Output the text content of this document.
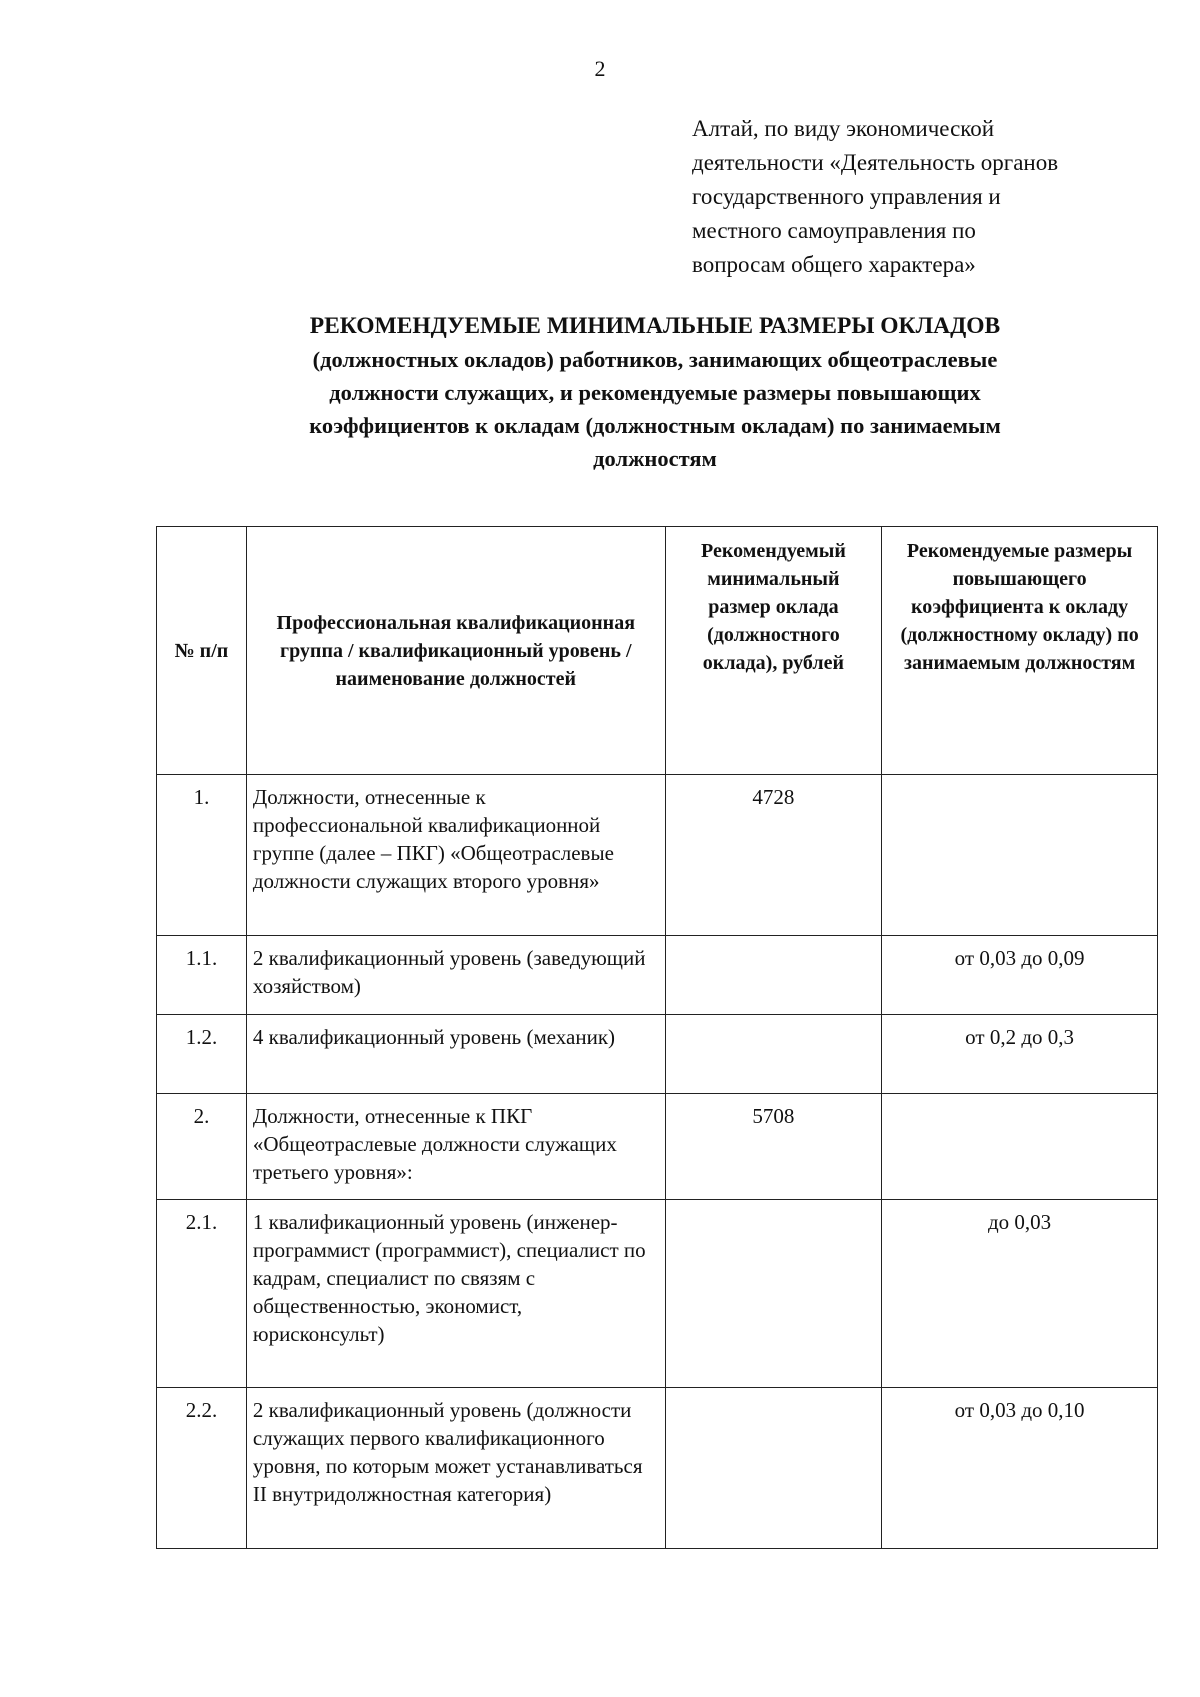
2
Алтай, по виду экономической
деятельности «Деятельность органов
государственного управления и
местного самоуправления по
вопросам общего характера»
РЕКОМЕНДУЕМЫЕ МИНИМАЛЬНЫЕ РАЗМЕРЫ ОКЛАДОВ
(должностных окладов) работников, занимающих общеотраслевые
должности служащих, и рекомендуемые размеры повышающих
коэффициентов к окладам (должностным окладам) по занимаемым
должностям
№ п/п	Профессиональная квалификационная группа / квалификационный уровень / наименование должностей	Рекомендуемый минимальный размер оклада (должностного оклада), рублей	Рекомендуемые размеры повышающего коэффициента к окладу (должностному окладу) по занимаемым должностям
1.	Должности, отнесенные к профессиональной квалификационной группе (далее – ПКГ) «Общеотраслевые должности служащих второго уровня»	4728	
1.1.	2 квалификационный уровень (заведующий хозяйством)		от 0,03 до 0,09
1.2.	4 квалификационный уровень (механик)		от 0,2 до 0,3
2.	Должности, отнесенные к ПКГ «Общеотраслевые должности служащих третьего уровня»:	5708	
2.1.	1 квалификационный уровень (инженер-программист (программист), специалист по кадрам, специалист по связям с общественностью, экономист, юрисконсульт)		до 0,03
2.2.	2 квалификационный уровень (должности служащих первого квалификационного уровня, по которым может устанавливаться II внутридолжностная категория)		от 0,03 до 0,10
